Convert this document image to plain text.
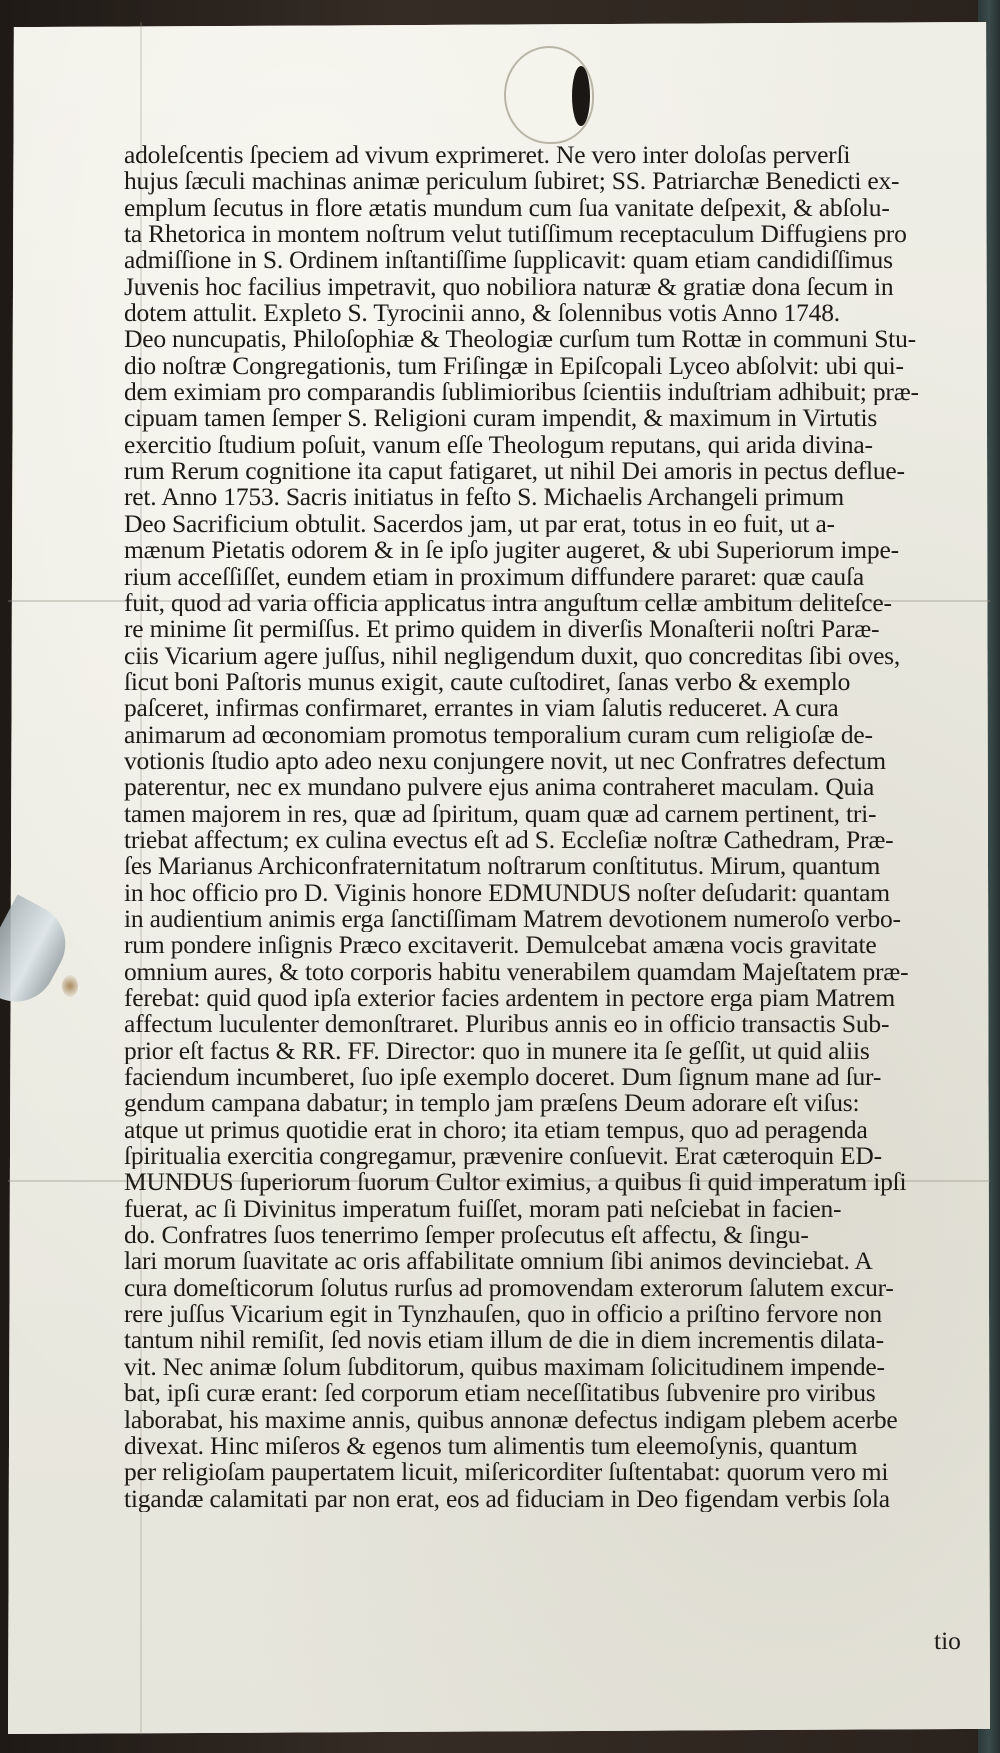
adoleſcentis ſpeciem ad vivum exprimeret. Ne vero inter doloſas perverſi
hujus ſæculi machinas animæ periculum ſubiret; SS. Patriarchæ Benedicti ex-
emplum ſecutus in flore ætatis mundum cum ſua vanitate deſpexit, & abſolu-
ta Rhetorica in montem noſtrum velut tutiſſimum receptaculum Diffugiens pro
admiſſione in S. Ordinem inſtantiſſime ſupplicavit: quam etiam candidiſſimus
Juvenis hoc facilius impetravit, quo nobiliora naturæ & gratiæ dona ſecum in
dotem attulit. Expleto S. Tyrocinii anno, & ſolennibus votis Anno 1748.
Deo nuncupatis, Philoſophiæ & Theologiæ curſum tum Rottæ in communi Stu-
dio noſtræ Congregationis, tum Friſingæ in Epiſcopali Lyceo abſolvit: ubi qui-
dem eximiam pro comparandis ſublimioribus ſcientiis induſtriam adhibuit; præ-
cipuam tamen ſemper S. Religioni curam impendit, & maximum in Virtutis
exercitio ſtudium poſuit, vanum eſſe Theologum reputans, qui arida divina-
rum Rerum cognitione ita caput fatigaret, ut nihil Dei amoris in pectus deflue-
ret. Anno 1753. Sacris initiatus in feſto S. Michaelis Archangeli primum
Deo Sacrificium obtulit. Sacerdos jam, ut par erat, totus in eo fuit, ut a-
mænum Pietatis odorem & in ſe ipſo jugiter augeret, & ubi Superiorum impe-
rium acceſſiſſet, eundem etiam in proximum diffundere pararet: quæ cauſa
fuit, quod ad varia officia applicatus intra anguſtum cellæ ambitum deliteſce-
re minime ſit permiſſus. Et primo quidem in diverſis Monaſterii noſtri Paræ-
ciis Vicarium agere juſſus, nihil negligendum duxit, quo concreditas ſibi oves,
ſicut boni Paſtoris munus exigit, caute cuſtodiret, ſanas verbo & exemplo
paſceret, infirmas confirmaret, errantes in viam ſalutis reduceret. A cura
animarum ad œconomiam promotus temporalium curam cum religioſæ de-
votionis ſtudio apto adeo nexu conjungere novit, ut nec Confratres defectum
paterentur, nec ex mundano pulvere ejus anima contraheret maculam. Quia
tamen majorem in res, quæ ad ſpiritum, quam quæ ad carnem pertinent, tri-
triebat affectum; ex culina evectus eſt ad S. Eccleſiæ noſtræ Cathedram, Præ-
ſes Marianus Archiconfraternitatum noſtrarum conſtitutus. Mirum, quantum
in hoc officio pro D. Viginis honore EDMUNDUS noſter deſudarit: quantam
in audientium animis erga ſanctiſſimam Matrem devotionem numeroſo verbo-
rum pondere inſignis Præco excitaverit. Demulcebat amæna vocis gravitate
omnium aures, & toto corporis habitu venerabilem quamdam Majeſtatem præ-
ferebat: quid quod ipſa exterior facies ardentem in pectore erga piam Matrem
affectum luculenter demonſtraret. Pluribus annis eo in officio transactis Sub-
prior eſt factus & RR. FF. Director: quo in munere ita ſe geſſit, ut quid aliis
faciendum incumberet, ſuo ipſe exemplo doceret. Dum ſignum mane ad ſur-
gendum campana dabatur; in templo jam præſens Deum adorare eſt viſus:
atque ut primus quotidie erat in choro; ita etiam tempus, quo ad peragenda
ſpiritualia exercitia congregamur, prævenire conſuevit. Erat cæteroquin ED-
MUNDUS ſuperiorum ſuorum Cultor eximius, a quibus ſi quid imperatum ipſi
fuerat, ac ſi Divinitus imperatum fuiſſet, moram pati neſciebat in facien-
do. Confratres ſuos tenerrimo ſemper proſecutus eſt affectu, & ſingu-
lari morum ſuavitate ac oris affabilitate omnium ſibi animos devinciebat. A
cura domeſticorum ſolutus rurſus ad promovendam exterorum ſalutem excur-
rere juſſus Vicarium egit in Tynzhauſen, quo in officio a priſtino fervore non
tantum nihil remiſit, ſed novis etiam illum de die in diem incrementis dilata-
vit. Nec animæ ſolum ſubditorum, quibus maximam ſolicitudinem impende-
bat, ipſi curæ erant: ſed corporum etiam neceſſitatibus ſubvenire pro viribus
laborabat, his maxime annis, quibus annonæ defectus indigam plebem acerbe
divexat. Hinc miſeros & egenos tum alimentis tum eleemoſynis, quantum
per religioſam paupertatem licuit, miſericorditer ſuſtentabat: quorum vero mi
tigandæ calamitati par non erat, eos ad fiduciam in Deo figendam verbis ſola
tio
